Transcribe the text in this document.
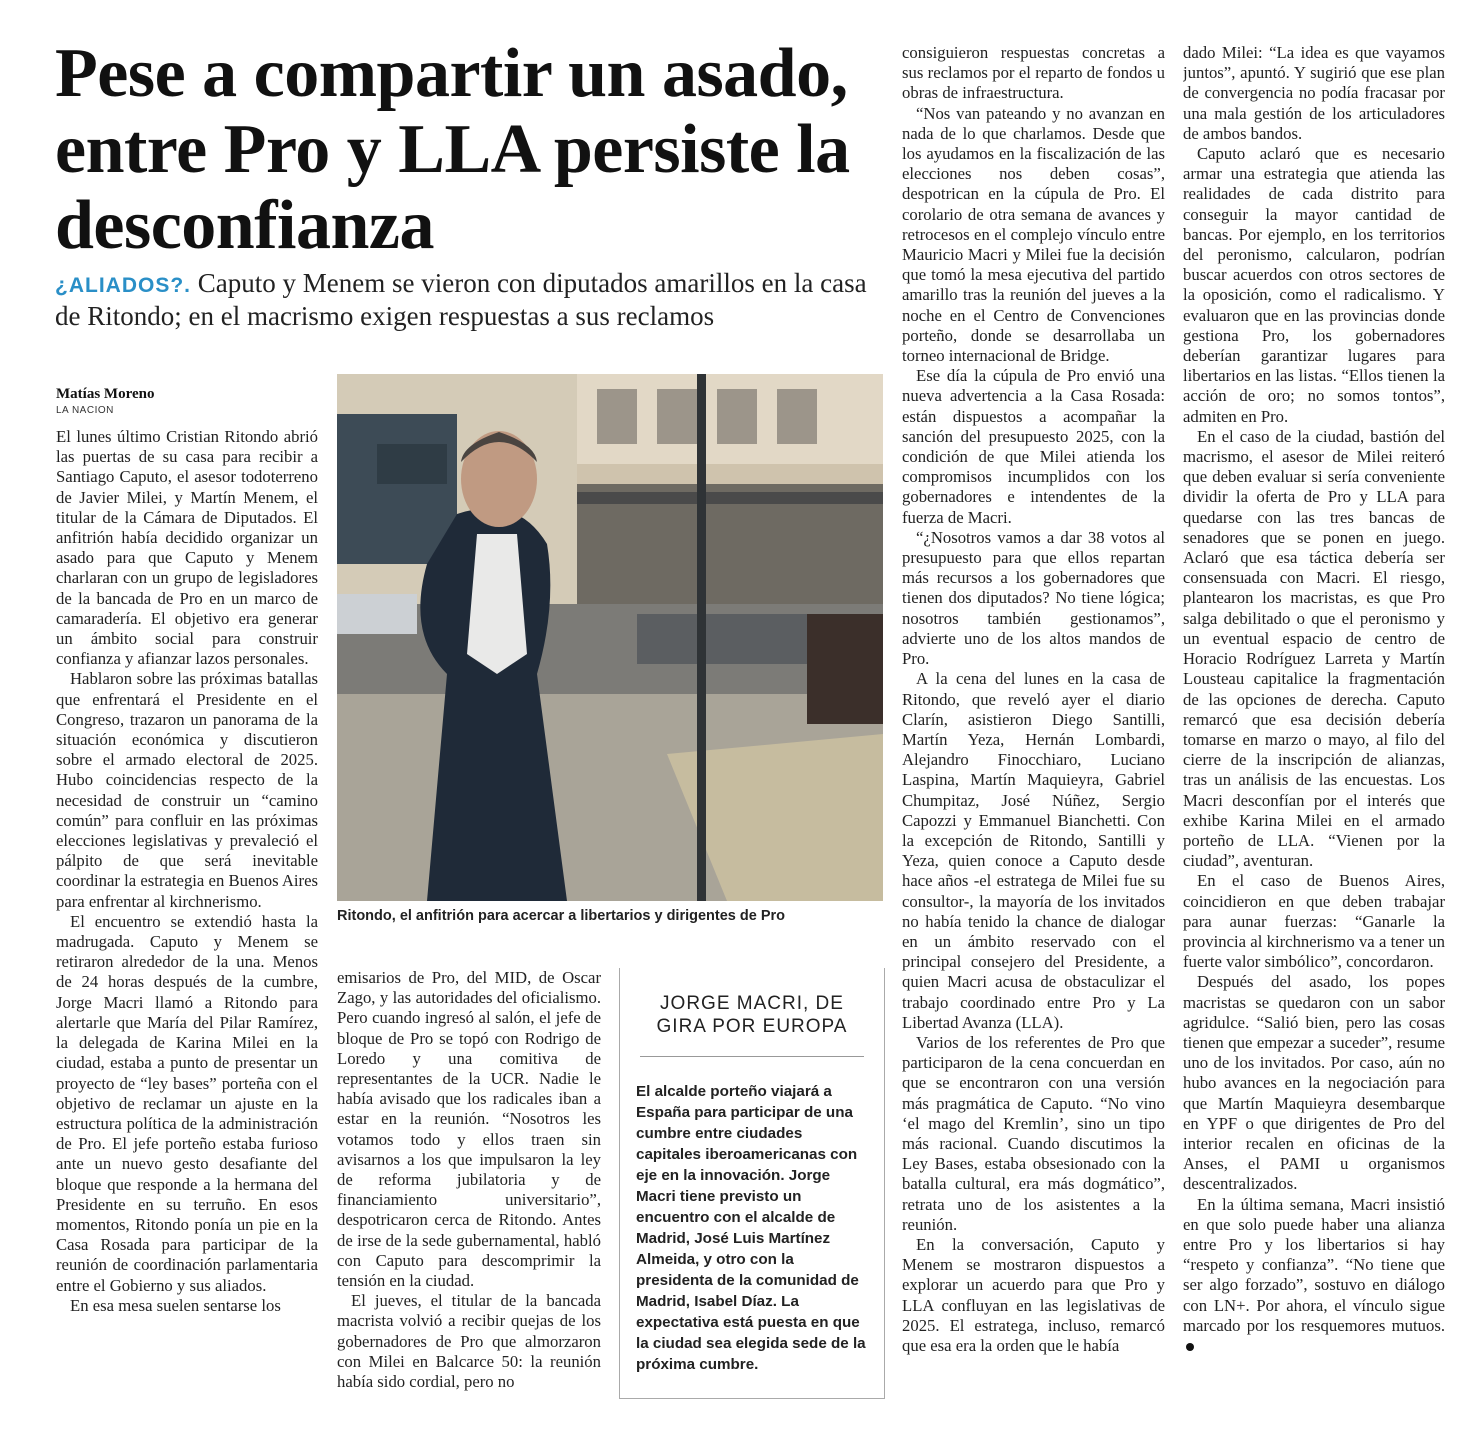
Pese a compartir un asado, entre Pro y LLA persiste la desconfianza

¿ALIADOS?. Caputo y Menem se vieron con diputados amarillos en la casa de Ritondo; en el macrismo exigen respuestas a sus reclamos

Matías Moreno
LA NACION

El lunes último Cristian Ritondo abrió las puertas de su casa para recibir a Santiago Caputo, el asesor todoterreno de Javier Milei, y Martín Menem, el titular de la Cámara de Diputados. El anfitrión había decidido organizar un asado para que Caputo y Menem charlaran con un grupo de legisladores de la bancada de Pro en un marco de camaradería. El objetivo era generar un ámbito social para construir confianza y afianzar lazos personales.

Hablaron sobre las próximas batallas que enfrentará el Presidente en el Congreso, trazaron un panorama de la situación económica y discutieron sobre el armado electoral de 2025. Hubo coincidencias respecto de la necesidad de construir un “camino común” para confluir en las próximas elecciones legislativas y prevaleció el pálpito de que será inevitable coordinar la estrategia en Buenos Aires para enfrentar al kirchnerismo.

El encuentro se extendió hasta la madrugada. Caputo y Menem se retiraron alrededor de la una. Menos de 24 horas después de la cumbre, Jorge Macri llamó a Ritondo para alertarle que María del Pilar Ramírez, la delegada de Karina Milei en la ciudad, estaba a punto de presentar un proyecto de “ley bases” porteña con el objetivo de reclamar un ajuste en la estructura política de la administración de Pro. El jefe porteño estaba furioso ante un nuevo gesto desafiante del bloque que responde a la hermana del Presidente en su terruño. En esos momentos, Ritondo ponía un pie en la Casa Rosada para participar de la reunión de coordinación parlamentaria entre el Gobierno y sus aliados.

En esa mesa suelen sentarse los

Ritondo, el anfitrión para acercar a libertarios y dirigentes de Pro

emisarios de Pro, del MID, de Oscar Zago, y las autoridades del oficialismo. Pero cuando ingresó al salón, el jefe de bloque de Pro se topó con Rodrigo de Loredo y una comitiva de representantes de la UCR. Nadie le había avisado que los radicales iban a estar en la reunión. “Nosotros les votamos todo y ellos traen sin avisarnos a los que impulsaron la ley de reforma jubilatoria y de financiamiento universitario”, despotricaron cerca de Ritondo. Antes de irse de la sede gubernamental, habló con Caputo para descomprimir la tensión en la ciudad.

El jueves, el titular de la bancada macrista volvió a recibir quejas de los gobernadores de Pro que almorzaron con Milei en Balcarce 50: la reunión había sido cordial, pero no

JORGE MACRI, DE GIRA POR EUROPA
El alcalde porteño viajará a España para participar de una cumbre entre ciudades capitales iberoamericanas con eje en la innovación. Jorge Macri tiene previsto un encuentro con el alcalde de Madrid, José Luis Martínez Almeida, y otro con la presidenta de la comunidad de Madrid, Isabel Díaz. La expectativa está puesta en que la ciudad sea elegida sede de la próxima cumbre.

consiguieron respuestas concretas a sus reclamos por el reparto de fondos u obras de infraestructura.

“Nos van pateando y no avanzan en nada de lo que charlamos. Desde que los ayudamos en la fiscalización de las elecciones nos deben cosas”, despotrican en la cúpula de Pro. El corolario de otra semana de avances y retrocesos en el complejo vínculo entre Mauricio Macri y Milei fue la decisión que tomó la mesa ejecutiva del partido amarillo tras la reunión del jueves a la noche en el Centro de Convenciones porteño, donde se desarrollaba un torneo internacional de Bridge.

Ese día la cúpula de Pro envió una nueva advertencia a la Casa Rosada: están dispuestos a acompañar la sanción del presupuesto 2025, con la condición de que Milei atienda los compromisos incumplidos con los gobernadores e intendentes de la fuerza de Macri.

“¿Nosotros vamos a dar 38 votos al presupuesto para que ellos repartan más recursos a los gobernadores que tienen dos diputados? No tiene lógica; nosotros también gestionamos”, advierte uno de los altos mandos de Pro.

A la cena del lunes en la casa de Ritondo, que reveló ayer el diario Clarín, asistieron Diego Santilli, Martín Yeza, Hernán Lombardi, Alejandro Finocchiaro, Luciano Laspina, Martín Maquieyra, Gabriel Chumpitaz, José Núñez, Sergio Capozzi y Emmanuel Bianchetti. Con la excepción de Ritondo, Santilli y Yeza, quien conoce a Caputo desde hace años -el estratega de Milei fue su consultor-, la mayoría de los invitados no había tenido la chance de dialogar en un ámbito reservado con el principal consejero del Presidente, a quien Macri acusa de obstaculizar el trabajo coordinado entre Pro y La Libertad Avanza (LLA).

Varios de los referentes de Pro que participaron de la cena concuerdan en que se encontraron con una versión más pragmática de Caputo. “No vino ‘el mago del Kremlin’, sino un tipo más racional. Cuando discutimos la Ley Bases, estaba obsesionado con la batalla cultural, era más dogmático”, retrata uno de los asistentes a la reunión.

En la conversación, Caputo y Menem se mostraron dispuestos a explorar un acuerdo para que Pro y LLA confluyan en las legislativas de 2025. El estratega, incluso, remarcó que esa era la orden que le había

dado Milei: “La idea es que vayamos juntos”, apuntó. Y sugirió que ese plan de convergencia no podía fracasar por una mala gestión de los articuladores de ambos bandos.

Caputo aclaró que es necesario armar una estrategia que atienda las realidades de cada distrito para conseguir la mayor cantidad de bancas. Por ejemplo, en los territorios del peronismo, calcularon, podrían buscar acuerdos con otros sectores de la oposición, como el radicalismo. Y evaluaron que en las provincias donde gestiona Pro, los gobernadores deberían garantizar lugares para libertarios en las listas. “Ellos tienen la acción de oro; no somos tontos”, admiten en Pro.

En el caso de la ciudad, bastión del macrismo, el asesor de Milei reiteró que deben evaluar si sería conveniente dividir la oferta de Pro y LLA para quedarse con las tres bancas de senadores que se ponen en juego. Aclaró que esa táctica debería ser consensuada con Macri. El riesgo, plantearon los macristas, es que Pro salga debilitado o que el peronismo y un eventual espacio de centro de Horacio Rodríguez Larreta y Martín Lousteau capitalice la fragmentación de las opciones de derecha. Caputo remarcó que esa decisión debería tomarse en marzo o mayo, al filo del cierre de la inscripción de alianzas, tras un análisis de las encuestas. Los Macri desconfían por el interés que exhibe Karina Milei en el armado porteño de LLA. “Vienen por la ciudad”, aventuran.

En el caso de Buenos Aires, coincidieron en que deben trabajar para aunar fuerzas: “Ganarle la provincia al kirchnerismo va a tener un fuerte valor simbólico”, concordaron.

Después del asado, los popes macristas se quedaron con un sabor agridulce. “Salió bien, pero las cosas tienen que empezar a suceder”, resume uno de los invitados. Por caso, aún no hubo avances en la negociación para que Martín Maquieyra desembarque en YPF o que dirigentes de Pro del interior recalen en oficinas de la Anses, el PAMI u organismos descentralizados.

En la última semana, Macri insistió en que solo puede haber una alianza entre Pro y los libertarios si hay “respeto y confianza”. “No tiene que ser algo forzado”, sostuvo en diálogo con LN+. Por ahora, el vínculo sigue marcado por los resquemores mutuos.
